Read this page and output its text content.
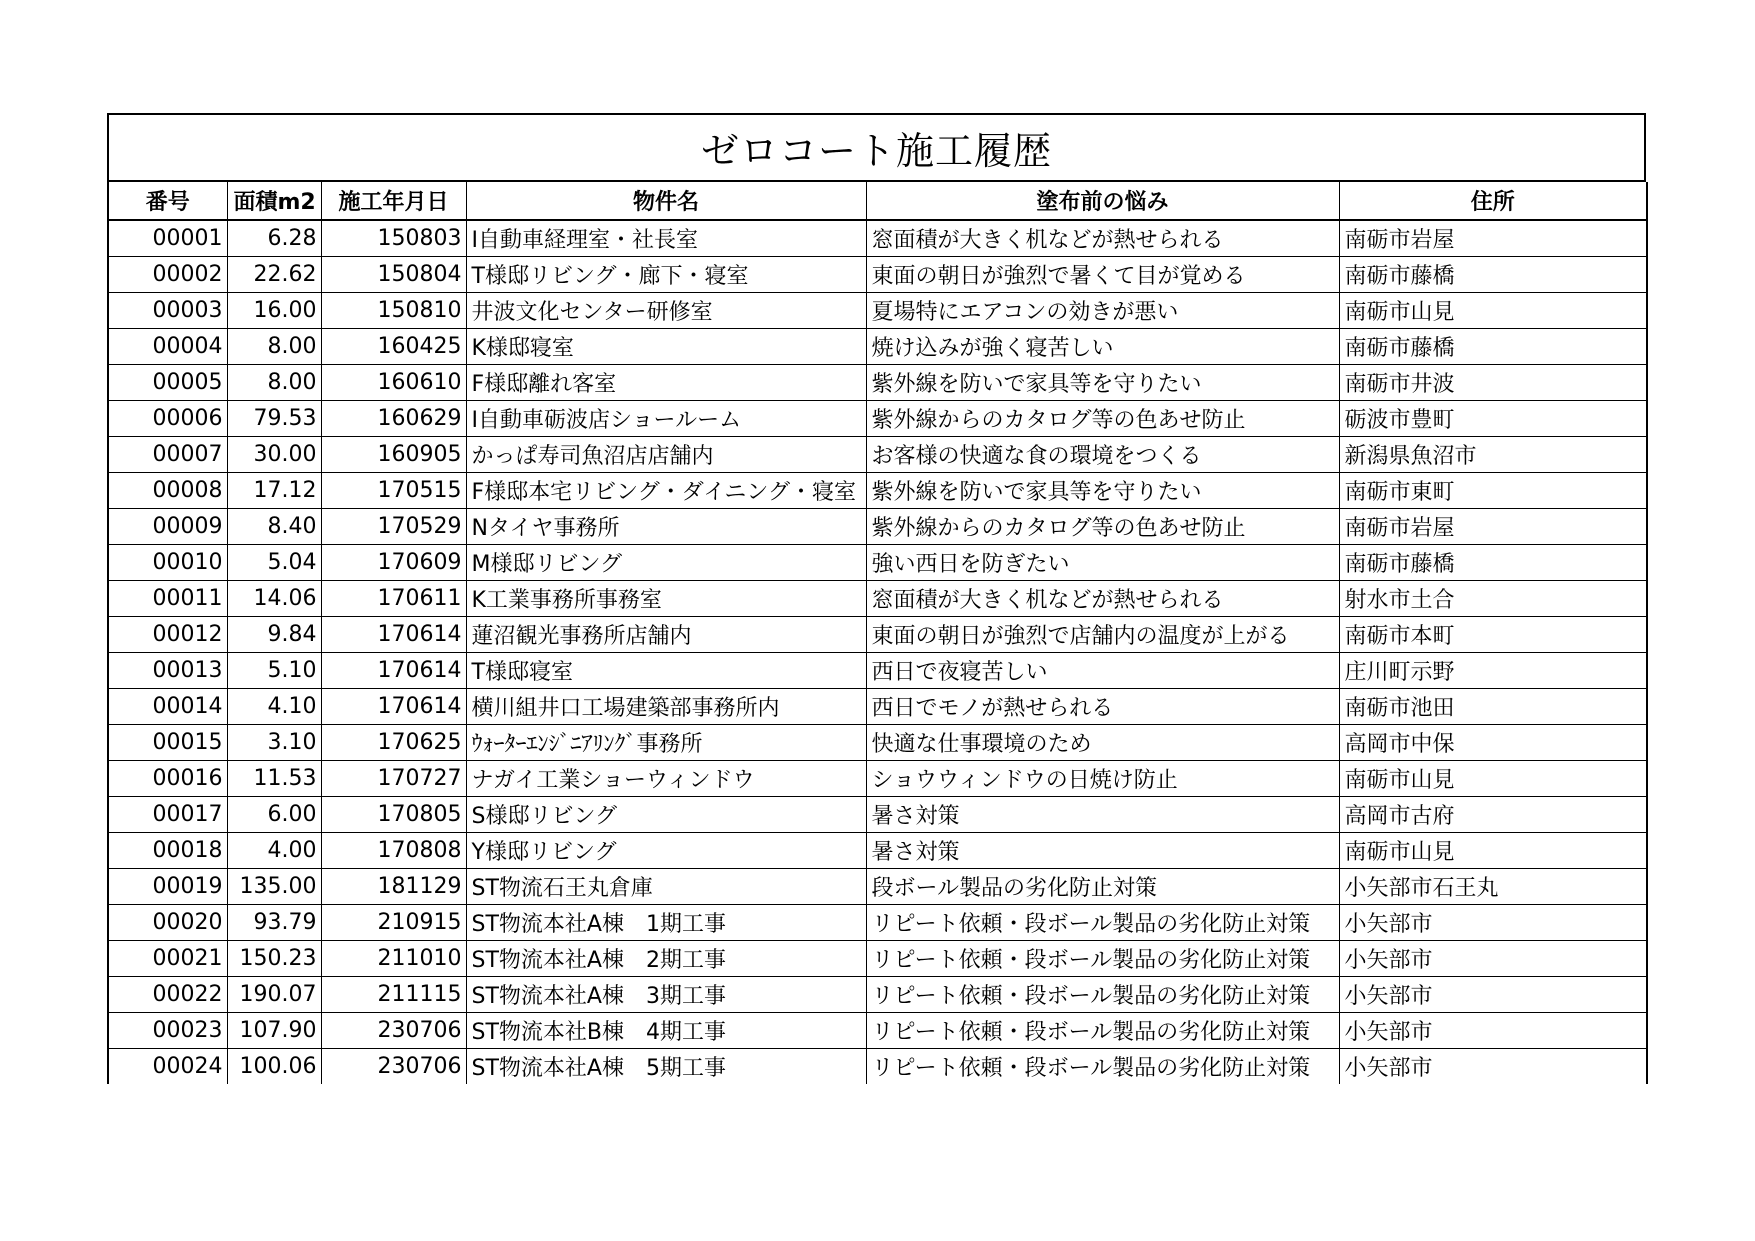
ゼロコート施工履歴
番号	面積m2	施工年月日	物件名	塗布前の悩み	住所
00001	6.28	150803	I自動車経理室・社長室	窓面積が大きく机などが熱せられる	南砺市岩屋
00002	22.62	150804	T様邸リビング・廊下・寝室	東面の朝日が強烈で暑くて目が覚める	南砺市藤橋
00003	16.00	150810	井波文化センター研修室	夏場特にエアコンの効きが悪い	南砺市山見
00004	8.00	160425	K様邸寝室	焼け込みが強く寝苦しい	南砺市藤橋
00005	8.00	160610	F様邸離れ客室	紫外線を防いで家具等を守りたい	南砺市井波
00006	79.53	160629	I自動車砺波店ショールーム	紫外線からのカタログ等の色あせ防止	砺波市豊町
00007	30.00	160905	かっぱ寿司魚沼店店舗内	お客様の快適な食の環境をつくる	新潟県魚沼市
00008	17.12	170515	F様邸本宅リビング・ダイニング・寝室	紫外線を防いで家具等を守りたい	南砺市東町
00009	8.40	170529	Nタイヤ事務所	紫外線からのカタログ等の色あせ防止	南砺市岩屋
00010	5.04	170609	M様邸リビング	強い西日を防ぎたい	南砺市藤橋
00011	14.06	170611	K工業事務所事務室	窓面積が大きく机などが熱せられる	射水市土合
00012	9.84	170614	蓮沼観光事務所店舗内	東面の朝日が強烈で店舗内の温度が上がる	南砺市本町
00013	5.10	170614	T様邸寝室	西日で夜寝苦しい	庄川町示野
00014	4.10	170614	横川組井口工場建築部事務所内	西日でモノが熱せられる	南砺市池田
00015	3.10	170625	ｳｫｰﾀｰｴﾝｼﾞﾆｱﾘﾝｸﾞ事務所	快適な仕事環境のため	高岡市中保
00016	11.53	170727	ナガイ工業ショーウィンドウ	ショウウィンドウの日焼け防止	南砺市山見
00017	6.00	170805	S様邸リビング	暑さ対策	高岡市古府
00018	4.00	170808	Y様邸リビング	暑さ対策	南砺市山見
00019	135.00	181129	ST物流石王丸倉庫	段ボール製品の劣化防止対策	小矢部市石王丸
00020	93.79	210915	ST物流本社A棟　1期工事	リピート依頼・段ボール製品の劣化防止対策	小矢部市
00021	150.23	211010	ST物流本社A棟　2期工事	リピート依頼・段ボール製品の劣化防止対策	小矢部市
00022	190.07	211115	ST物流本社A棟　3期工事	リピート依頼・段ボール製品の劣化防止対策	小矢部市
00023	107.90	230706	ST物流本社B棟　4期工事	リピート依頼・段ボール製品の劣化防止対策	小矢部市
00024	100.06	230706	ST物流本社A棟　5期工事	リピート依頼・段ボール製品の劣化防止対策	小矢部市
